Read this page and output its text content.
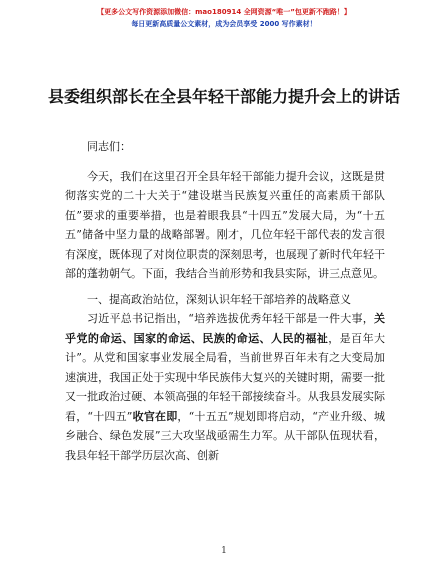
【更多公文写作资源添加微信：mao180914 全网资源“唯一”包更新不跑路！】
每日更新高质量公文素材，成为会员享受 2000 写作素材！
县委组织部长在全县年轻干部能力提升会上的讲话

同志们：

今天，我们在这里召开全县年轻干部能力提升会议，这既是贯彻落实党的二十大关于“建设堪当民族复兴重任的高素质干部队伍”要求的重要举措，也是着眼我县“十四五”发展大局，为“十五五”储备中坚力量的战略部署。刚才，几位年轻干部代表的发言很有深度，既体现了对岗位职责的深刻思考，也展现了新时代年轻干部的蓬勃朝气。下面，我结合当前形势和我县实际，讲三点意见。

一、提高政治站位，深刻认识年轻干部培养的战略意义

习近平总书记指出，“培养选拔优秀年轻干部是一件大事，关乎党的命运、国家的命运、民族的命运、人民的福祉，是百年大计”。从党和国家事业发展全局看，当前世界百年未有之大变局加速演进，我国正处于实现中华民族伟大复兴的关键时期，需要一批又一批政治过硬、本领高强的年轻干部接续奋斗。从我县发展实际看，“十四五”收官在即，“十五五”规划即将启动，“产业升级、城乡融合、绿色发展”三大攻坚战亟需生力军。从干部队伍现状看，我县年轻干部学历层次高、创新

1
